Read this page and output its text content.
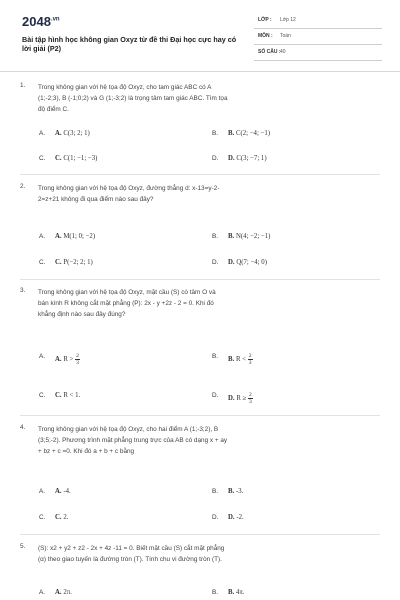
$2048^{.vn}$
Bài tập hình học không gian Oxyz từ đề thi Đại học cực hay có lời giải (P2)
LỚP : Lớp 12
MÔN : Toán
SỐ CÂU : 40
1. Trong không gian với hệ tọa độ Oxyz, cho tam giác ABC có A (1;-2;3), B (-1;0;2) và G (1;-3;2) là trọng tâm tam giác ABC. Tìm tọa độ điểm C.
A.	A. C(3; 2; 1)	B.	B. C(2; −4; −1)
C.	C. C(1; −1; −3)	D.	D. C(3; −7; 1)
2. Trong không gian với hệ tọa độ Oxyz, đường thẳng d: x-13=y-2-2=z+21 không đi qua điểm nào sau đây?
A.	A. M(1; 0; −2)	B.	B. N(4; −2; −1)
C.	C. P(−2; 2; 1)	D.	D. Q(7; −4; 0)
3. Trong không gian với hệ tọa độ Oxyz, mặt cầu (S) có tâm O và bán kính R không cắt mặt phẳng (P): 2x - y +2z - 2 = 0. Khi đó khẳng định nào sau đây đúng?
A.	A. $R > \frac{2}{3}$	B.	B. $R < \frac{2}{3}$
C.	C. R < 1.	D.	D. $R \ge \frac{2}{3}$
4. Trong không gian với hệ tọa độ Oxyz, cho hai điểm A (1;-3;2), B (3;5;-2). Phương trình mặt phẳng trung trực của AB có dạng x + ay + bz + c =0. Khi đó a + b + c bằng
A.	A. -4.	B.	B. -3.
C.	C. 2.	D.	D. -2.
5. (S): x2 + y2 + z2 - 2x + 4z -11 = 0. Biết mặt cầu (S) cắt mặt phẳng (α) theo giao tuyến là đường tròn (T). Tính chu vi đường tròn (T).
A.	A. 2π.	B.	B. 4π.
